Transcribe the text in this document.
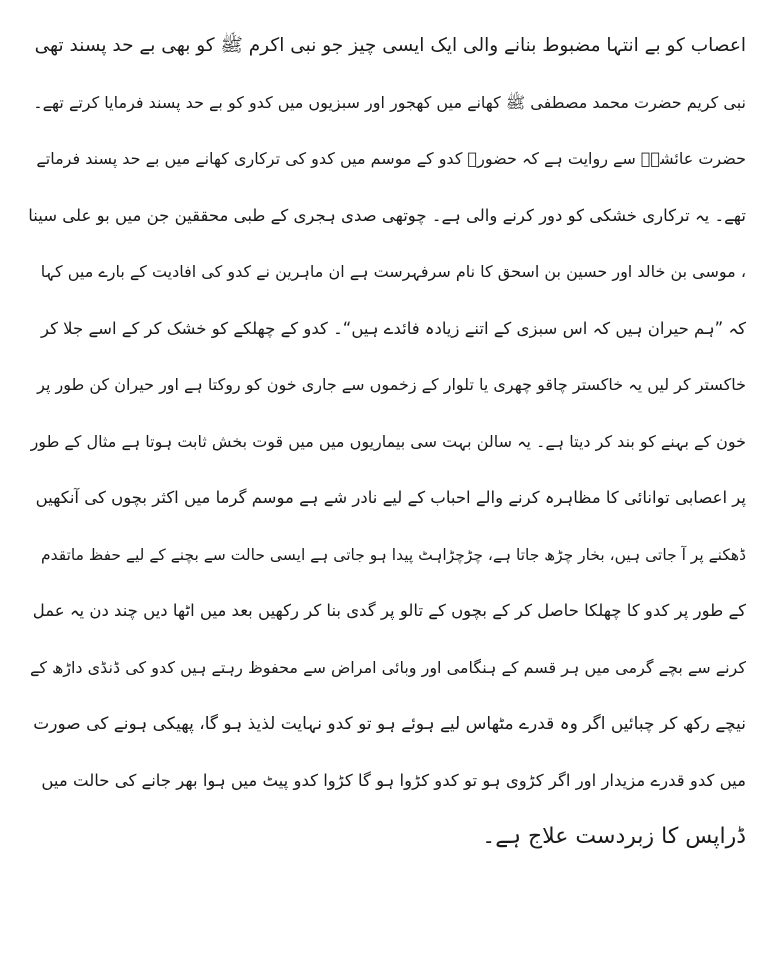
اعصاب کو بے انتہا مضبوط بنانے والی ایک ایسی چیز جو نبی اکرم ﷺ کو بھی بے حد پسند تھی
نبی کریم حضرت محمد مصطفی ﷺ کھانے میں کھجور اور سبزیوں میں کدو کو بے حد پسند فرمایا کرتے تھے۔
حضرت عائشہؓ سے روایت ہے کہ حضورؐ کدو کے موسم میں کدو کی ترکاری کھانے میں بے حد پسند فرماتے
تھے۔ یہ ترکاری خشکی کو دور کرنے والی ہے۔ چوتھی صدی ہجری کے طبی محققین جن میں بو علی سینا
، موسی بن خالد اور حسین بن اسحق کا نام سرفہرست ہے ان ماہرین نے کدو کی افادیت کے بارے میں کہا
کہ ”ہم حیران ہیں کہ اس سبزی کے اتنے زیادہ فائدے ہیں“۔ کدو کے چھلکے کو خشک کر کے اسے جلا کر
خاکستر کر لیں یہ خاکستر چاقو چھری یا تلوار کے زخموں سے جاری خون کو روکتا ہے اور حیران کن طور پر
خون کے بہنے کو بند کر دیتا ہے۔ یہ سالن بہت سی بیماریوں میں میں قوت بخش ثابت ہوتا ہے مثال کے طور
پر اعصابی توانائی کا مظاہرہ کرنے والے احباب کے لیے نادر شے ہے موسم گرما میں اکثر بچوں کی آنکھیں
ڈھکنے پر آ جاتی ہیں، بخار چڑھ جاتا ہے، چڑچڑاہٹ پیدا ہو جاتی ہے ایسی حالت سے بچنے کے لیے حفظ ماتقدم
کے طور پر کدو کا چھلکا حاصل کر کے بچوں کے تالو پر گدی بنا کر رکھیں بعد میں اٹھا دیں چند دن یہ عمل
کرنے سے بچے گرمی میں ہر قسم کے ہنگامی اور وبائی امراض سے محفوظ رہتے ہیں کدو کی ڈنڈی داڑھ کے
نیچے رکھ کر چبائیں اگر وہ قدرے مٹھاس لیے ہوئے ہو تو کدو نہایت لذیذ ہو گا، پھیکی ہونے کی صورت
میں کدو قدرے مزیدار اور اگر کڑوی ہو تو کدو کڑوا ہو گا کڑوا کدو پیٹ میں ہوا بھر جانے کی حالت میں
ڈراپس کا زبردست علاج ہے۔
